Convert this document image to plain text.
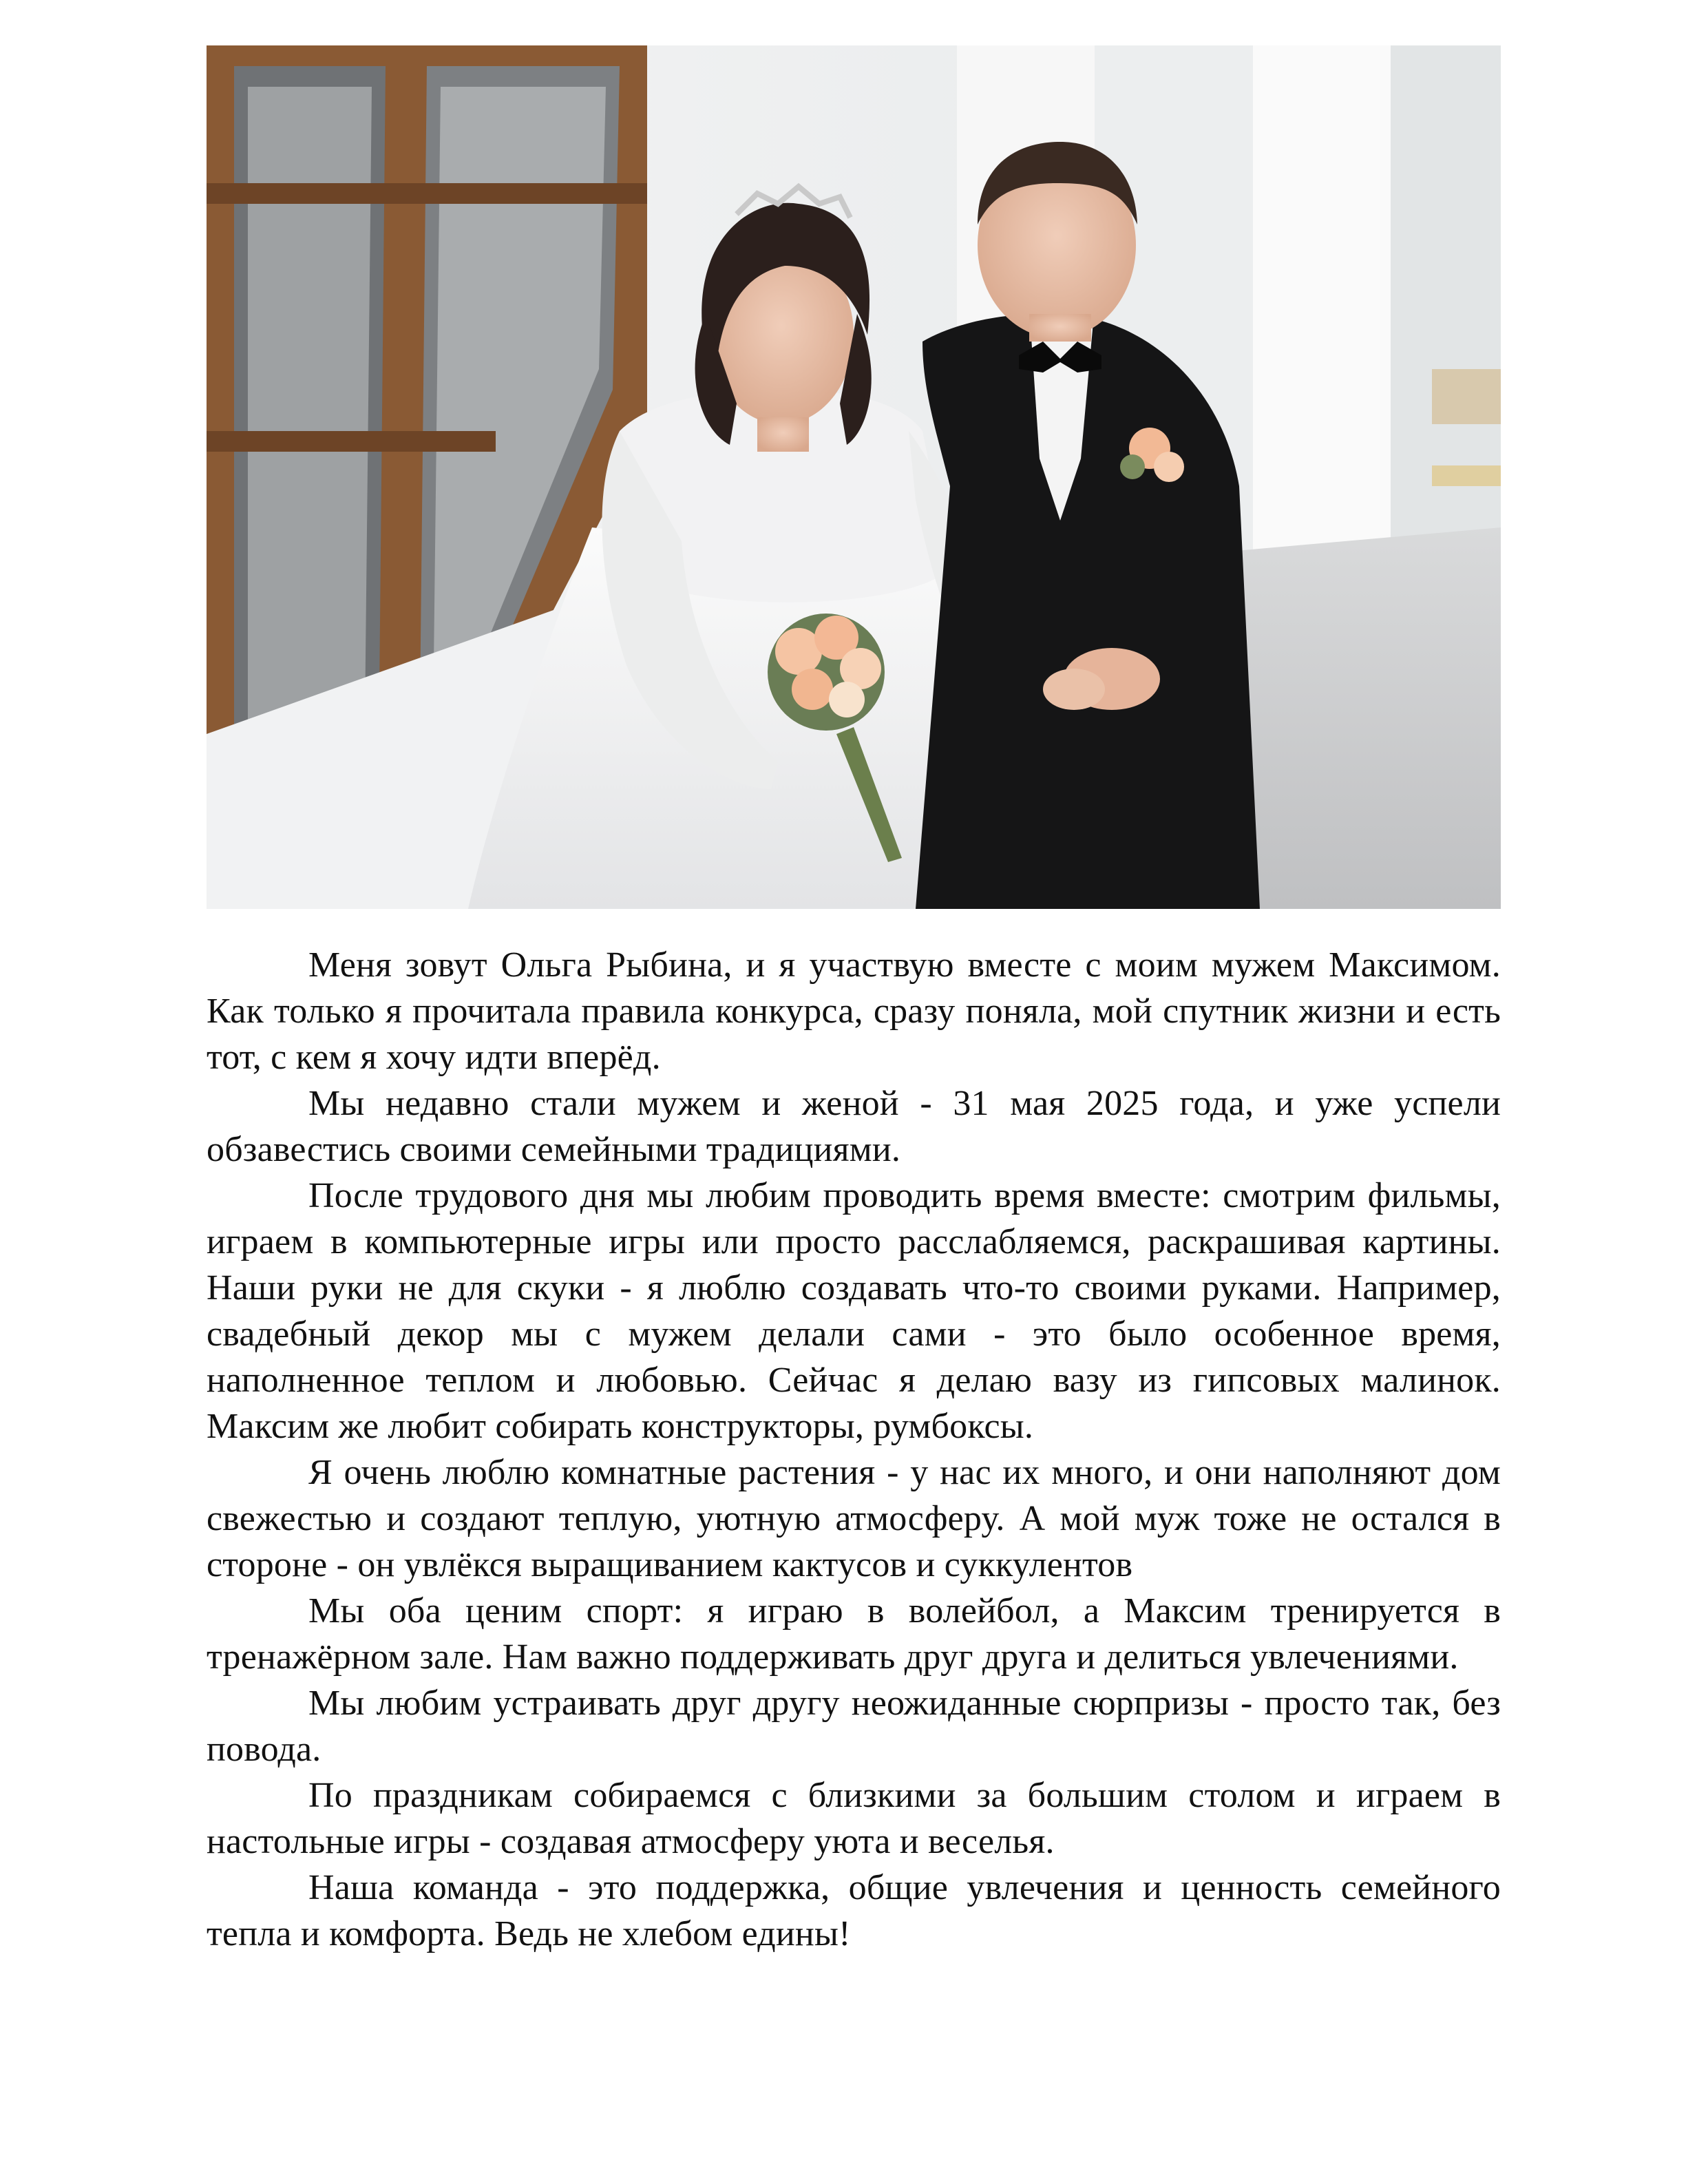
Меня зовут Ольга Рыбина, и я участвую вместе с моим мужем Максимом. Как только я прочитала правила конкурса, сразу поняла, мой спутник жизни и есть тот, с кем я хочу идти вперёд.

Мы недавно стали мужем и женой - 31 мая 2025 года, и уже успели обзавестись своими семейными традициями.

После трудового дня мы любим проводить время вместе: смотрим фильмы, играем в компьютерные игры или просто расслабляемся, раскрашивая картины. Наши руки не для скуки - я люблю создавать что-то своими руками. Например, свадебный декор мы с мужем делали сами - это было особенное время, наполненное теплом и любовью. Сейчас я делаю вазу из гипсовых малинок. Максим же любит собирать конструкторы, румбоксы.

Я очень люблю комнатные растения - у нас их много, и они наполняют дом свежестью и создают теплую, уютную атмосферу. А мой муж тоже не остался в стороне - он увлёкся выращиванием кактусов и суккулентов

Мы оба ценим спорт: я играю в волейбол, а Максим тренируется в тренажёрном зале. Нам важно поддерживать друг друга и делиться увлечениями.

Мы любим устраивать друг другу неожиданные сюрпризы - просто так, без повода.

По праздникам собираемся с близкими за большим столом и играем в настольные игры - создавая атмосферу уюта и веселья.

Наша команда - это поддержка, общие увлечения и ценность семейного тепла и комфорта. Ведь не хлебом едины!
